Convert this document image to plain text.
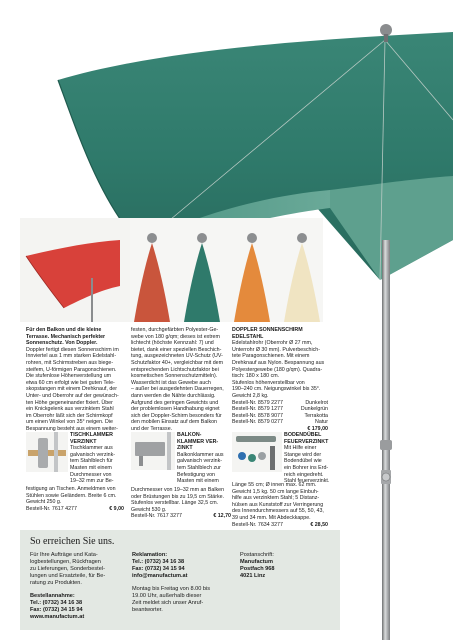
Für den Balkon und die kleine
Terrasse. Mechanisch perfekter
Sonnenschutz. Von Doppler.
Doppler fertigt diesen Sonnenschirm im
Innviertel aus 1 mm starken Edelstahl-
rohren, mit Schirmstreben aus biege-
steifem, U-förmigen Paragonschienen.
Die stufenlose Höhenverstellung um
etwa 60 cm erfolgt wie bei guten Tele-
skopstangen mit einem Drehknauf, der
Unter- und Oberrohr auf der gewünsch-
ten Höhe gegeneinander fixiert. Über
ein Knickgelenk aus verzinktem Stahl
im Oberrohr läßt sich der Schirmkopf
um einen Winkel von 35° neigen. Die
Bespannung besteht aus einem weiter-
festen, durchgefärbten Polyester-Ge-
webe von 180 g/qm; dieses ist extrem
lichtecht (höchste Kennzahl: 7) und
bietet, dank einer speziellen Beschich-
tung, ausgezeichneten UV-Schutz (UV-
Schutzfaktor 40+, vergleichbar mit dem
entsprechenden Lichtschutzfaktor bei
kosmetischen Sonnenschutzmitteln).
Wasserdicht ist das Gewebe auch
– außer bei ausgedehnten Dauerregen,
dann werden die Nähte durchlässig.
Aufgrund des geringen Gewichts und
der problemlosen Handhabung eignet
sich der Doppler-Schirm besonders für
den mobilen Einsatz auf dem Balkon
und der Terrasse.
DOPPLER SONNENSCHIRM
EDELSTAHL
Edelstahlrohr (Oberrohr Ø 27 mm,
Unterrohr Ø 30 mm). Pulverbeschich-
tete Paragonschienen. Mit einem
Drehknauf aus Nylon. Bespannung aus
Polyestergewebe (180 g/qm). Quadra-
tisch: 180 x 180 cm.
Stufenlos höhenverstellbar von
190–240 cm. Neigungswinkel bis 35°.
Gewicht 2,8 kg.
Bestell-Nr. 8579 2277	Dunkelrot
Bestell-Nr. 8579 1277	Dunkelgrün
Bestell-Nr. 8578 9077	Terrakotta
Bestell-Nr. 8579 0277	Natur
€ 179,00
TISCHKLAMMER
VERZINKT
Tischklammer aus
galvanisch verzink-
tem Stahlblech für
Masten mit einem
Durchmesser von
19–32 mm zur Be-
festigung an Tischen. Anmeldmen von
Stühlen sowie Geländern. Breite 6 cm.
Gewicht 250 g.
Bestell-Nr. 7617 4277	€ 9,00
BALKON-
KLAMMER VER-
ZINKT
Balkonklammer aus
galvanisch verzink-
tem Stahlblech zur
Befestigung von
Masten mit einem
Durchmesser von 19–32 mm an Balken
oder Brüstungen bis zu 19,5 cm Stärke.
Stufenlos verstellbar. Länge 32,5 cm.
Gewicht 530 g.
Bestell-Nr. 7617 3277	€ 12,70
BODENDÜBEL
FEUERVERZINKT
Mit Hilfe einer
Stange wird der
Bodendübel wie
ein Bohrer ins Erd-
reich eingedreht.
Stahl feuerverzinkt.
Länge 55 cm; Ø innen max. 62 mm.
Gewicht 1,5 kg. 50 cm lange Einbuh-
hilfe aus verzinktem Stahl; 5 Distanz-
hülsen aus Kunststoff zur Verringerung
des Innendurchmessers auf 55, 50, 43,
39 und 34 mm. Mit Abdeckkappe.
Bestell-Nr. 7634 3277	€ 28,50
So erreichen Sie uns.

Für Ihre Aufträge und Kata-
logbestellungen, Rückfragen
zu Lieferungen, Sonderbestel-
lungen und Ersatzteile, für Be-
ratung zu Produkten.

Bestellannahme:
Tel.: (0732) 34 16 38
Fax: (0732) 34 15 94
www.manufactum.at

Reklamation:
Tel.: (0732) 34 16 38
Fax: (0732) 34 15 94
info@manufactum.at

Montag bis Freitag von 8.00 bis
19.00 Uhr, außerhalb dieser
Zeit meldet sich unser Anruf-
beantworter.
Postanschrift:
Manufactum
Postfach 968
4021 Linz
